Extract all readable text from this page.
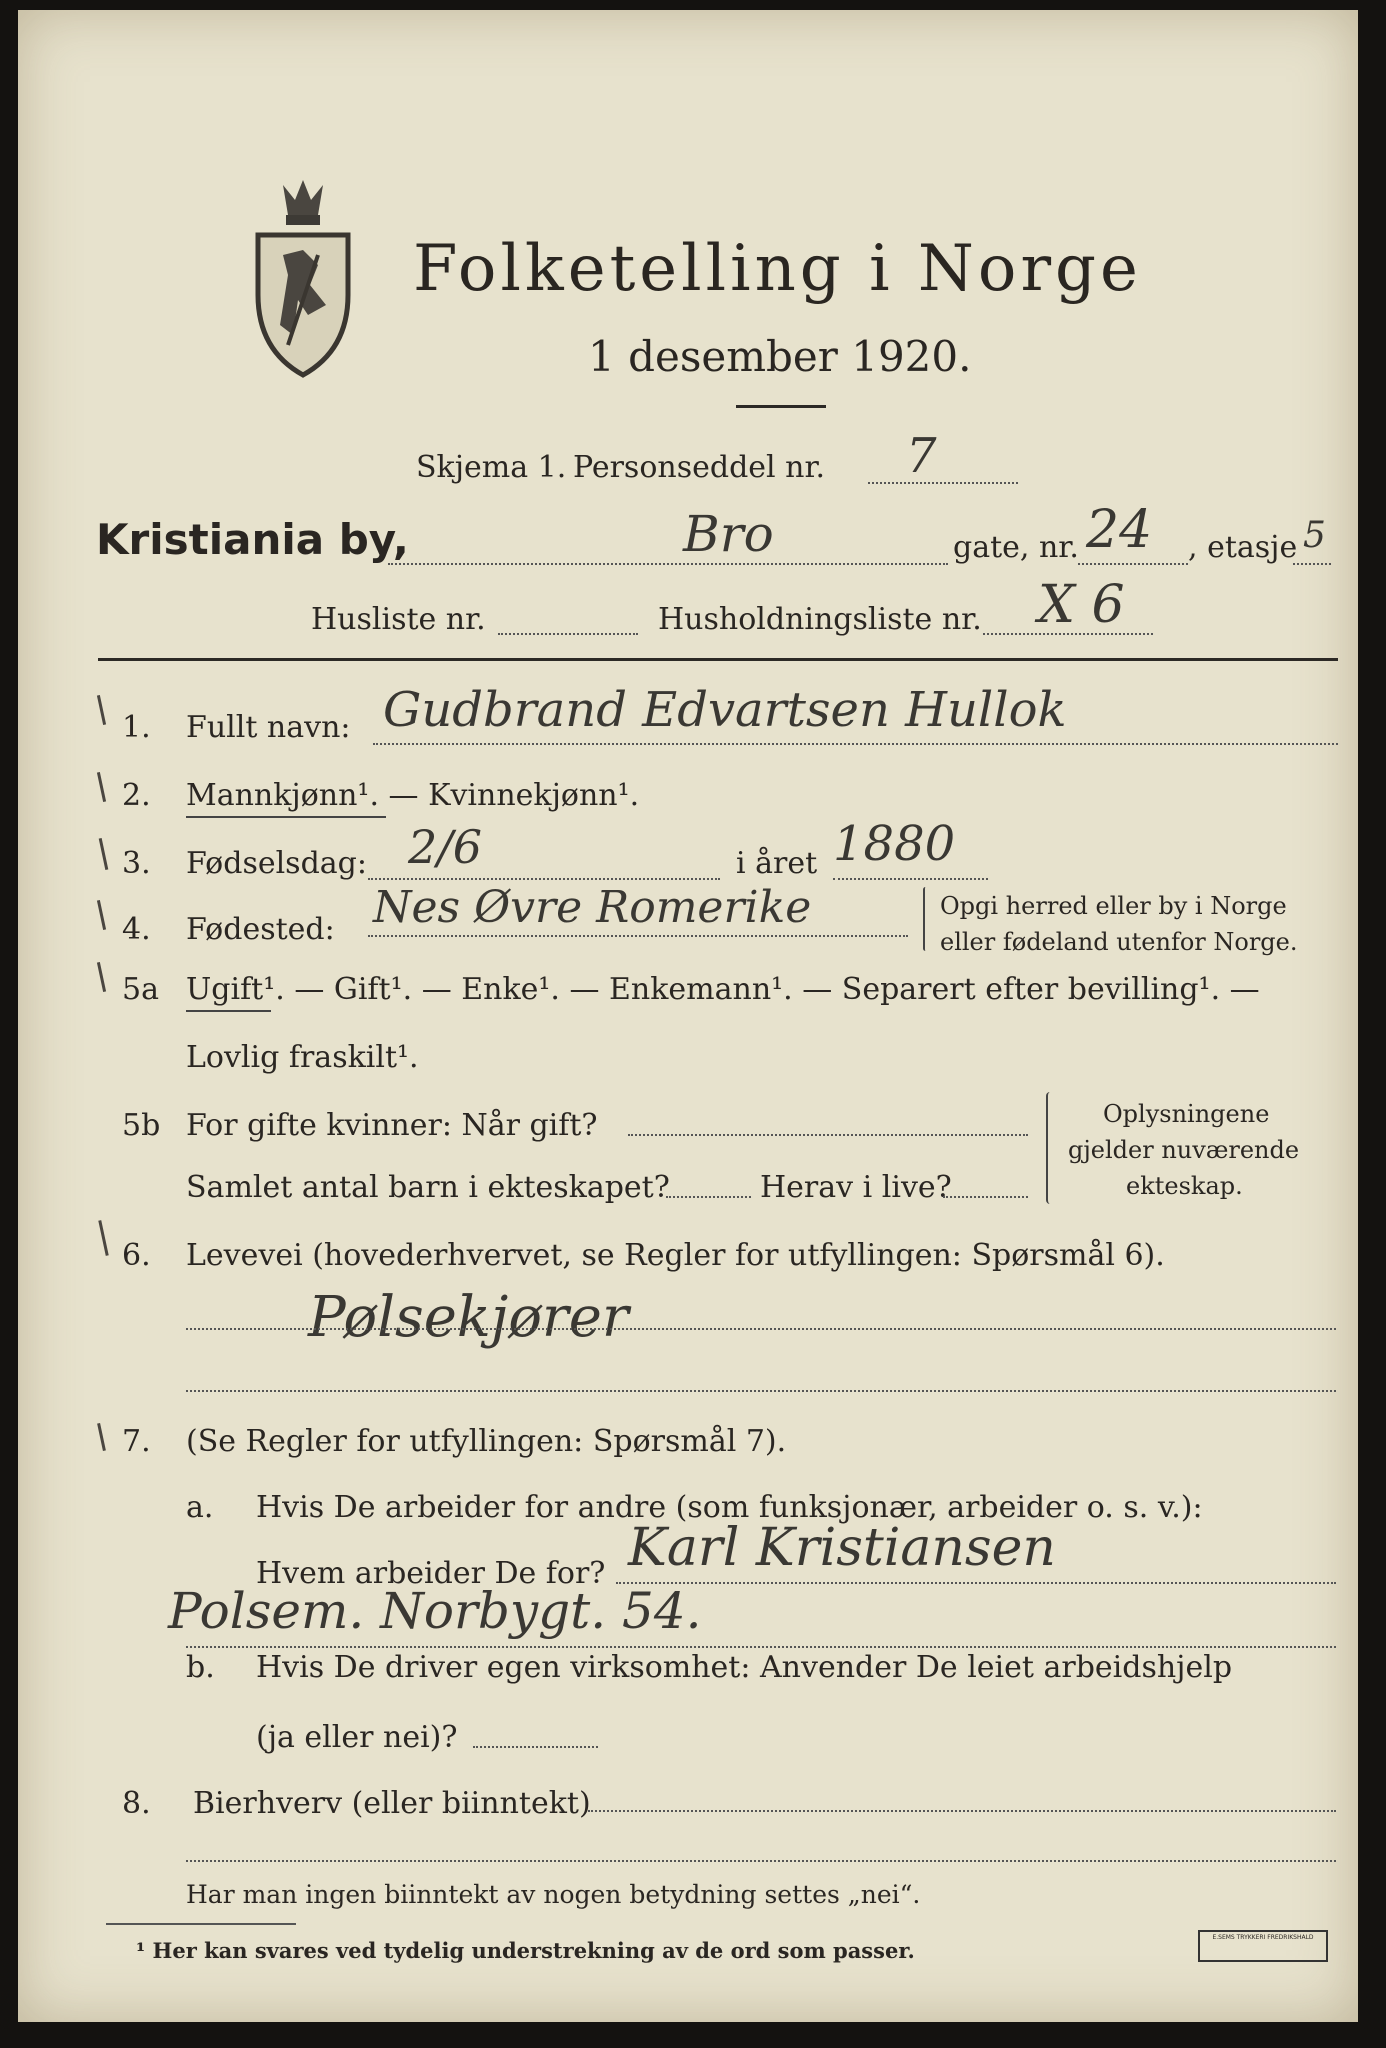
Folketelling i Norge
1 desember 1920.
Skjema 1. Personseddel nr. 7
Kristiania by,	Bro	gate, nr. 24 , etasje 5
Husliste nr.	Husholdningsliste nr. X 6
1. Fullt navn: Gudbrand Edvartsen Hullok
2. Mannkjønn¹. — Kvinnekjønn¹.
3. Fødselsdag: 2/6	i året 1880
4. Fødested: Nes Øvre Romerike	Opgi herred eller by i Norge
eller fødeland utenfor Norge.
5a Ugift¹. — Gift¹. — Enke¹. — Enkemann¹. — Separert efter bevilling¹. —
Lovlig fraskilt¹.
5b For gifte kvinner: Når gift?
Samlet antal barn i ekteskapet?	Herav i live?
Oplysningene
gjelder nuværende
ekteskap.
6. Levevei (hovederhvervet, se Regler for utfyllingen: Spørsmål 6).
Pølsekjører
7. (Se Regler for utfyllingen: Spørsmål 7).
a. Hvis De arbeider for andre (som funksjonær, arbeider o. s. v.):
Hvem arbeider De for? Karl Kristiansen
Polsem. Norbygt. 54.
b. Hvis De driver egen virksomhet: Anvender De leiet arbeidshjelp
(ja eller nei)?
8. Bierhverv (eller biinntekt)
Har man ingen biinntekt av nogen betydning settes „nei“.
¹ Her kan svares ved tydelig understrekning av de ord som passer.
E.SEMS TRYKKERI FREDRIKSHALD
